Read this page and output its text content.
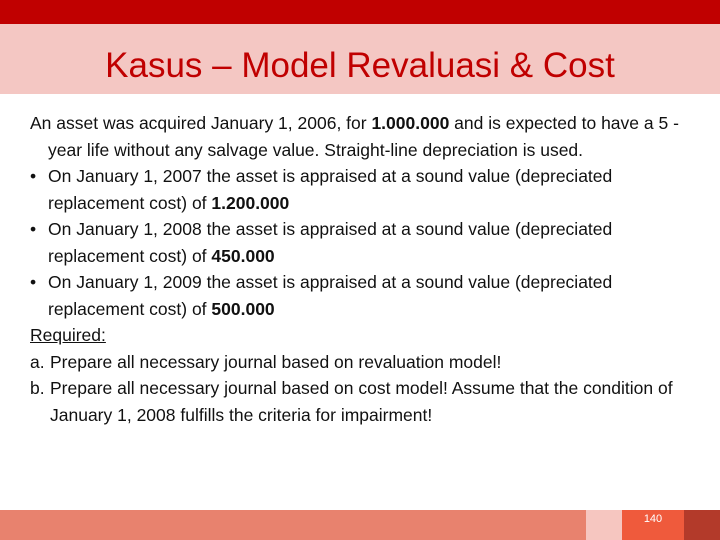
Kasus – Model Revaluasi & Cost

An asset was acquired January 1, 2006, for 1.000.000 and is expected to have a 5 -year life without any salvage value. Straight-line depreciation is used.

• On January 1, 2007 the asset is appraised at a sound value (depreciated replacement cost) of 1.200.000

• On January 1, 2008 the asset is appraised at a sound value (depreciated replacement cost) of 450.000

• On January 1, 2009 the asset is appraised at a sound value (depreciated replacement cost) of 500.000

Required:

a. Prepare all necessary journal based on revaluation model!

b. Prepare all necessary journal based on cost model! Assume that the condition of January 1, 2008 fulfills the criteria for impairment!

140
